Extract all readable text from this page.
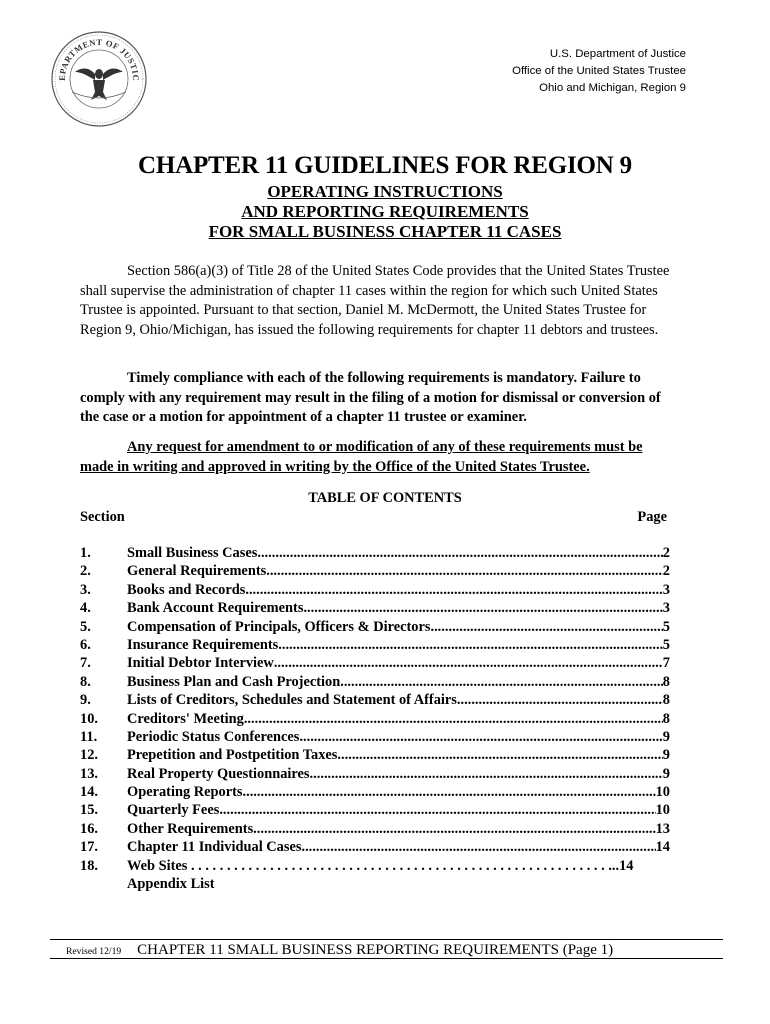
EPARTMENT OF JUSTIC
U.S. Department of Justice
Office of the United States Trustee
Ohio and Michigan, Region 9
CHAPTER 11 GUIDELINES FOR REGION 9
OPERATING INSTRUCTIONS
AND REPORTING REQUIREMENTS
FOR SMALL BUSINESS CHAPTER 11 CASES
Section 586(a)(3) of Title 28 of the United States Code provides that the United States Trustee shall supervise the administration of chapter 11 cases within the region for which such United States Trustee is appointed. Pursuant to that section, Daniel M. McDermott, the United States Trustee for Region 9, Ohio/Michigan, has issued the following requirements for chapter 11 debtors and trustees.
Timely compliance with each of the following requirements is mandatory. Failure to comply with any requirement may result in the filing of a motion for dismissal or conversion of the case or a motion for appointment of a chapter 11 trustee or examiner.
Any request for amendment to or modification of any of these requirements must be made in writing and approved in writing by the Office of the United States Trustee.
TABLE OF CONTENTS
Section	Page
1.	Small Business Cases .....	2
2.	General Requirements .....	2
3.	Books and Records .....	3
4.	Bank Account Requirements .....	3
5.	Compensation of Principals, Officers & Directors .....	5
6.	Insurance Requirements .....	5
7.	Initial Debtor Interview .....	7
8.	Business Plan and Cash Projection .....	8
9.	Lists of Creditors, Schedules and Statement of Affairs .....	8
10.	Creditors' Meeting .....	8
11.	Periodic Status Conferences .....	9
12.	Prepetition and Postpetition Taxes .....	9
13.	Real Property Questionnaires .....	9
14.	Operating Reports .....	10
15.	Quarterly Fees .....	10
16.	Other Requirements .....	13
17.	Chapter 11 Individual Cases .....	14
18.	Web Sites . . . . . . . . . . . . . . . . . . . . . . . . . . . . . . . . . . . . . . . . . . . . . . . . . . . . . . . . . . . ..14
Appendix List
Revised 12/19 CHAPTER 11 SMALL BUSINESS REPORTING REQUIREMENTS (Page 1)
